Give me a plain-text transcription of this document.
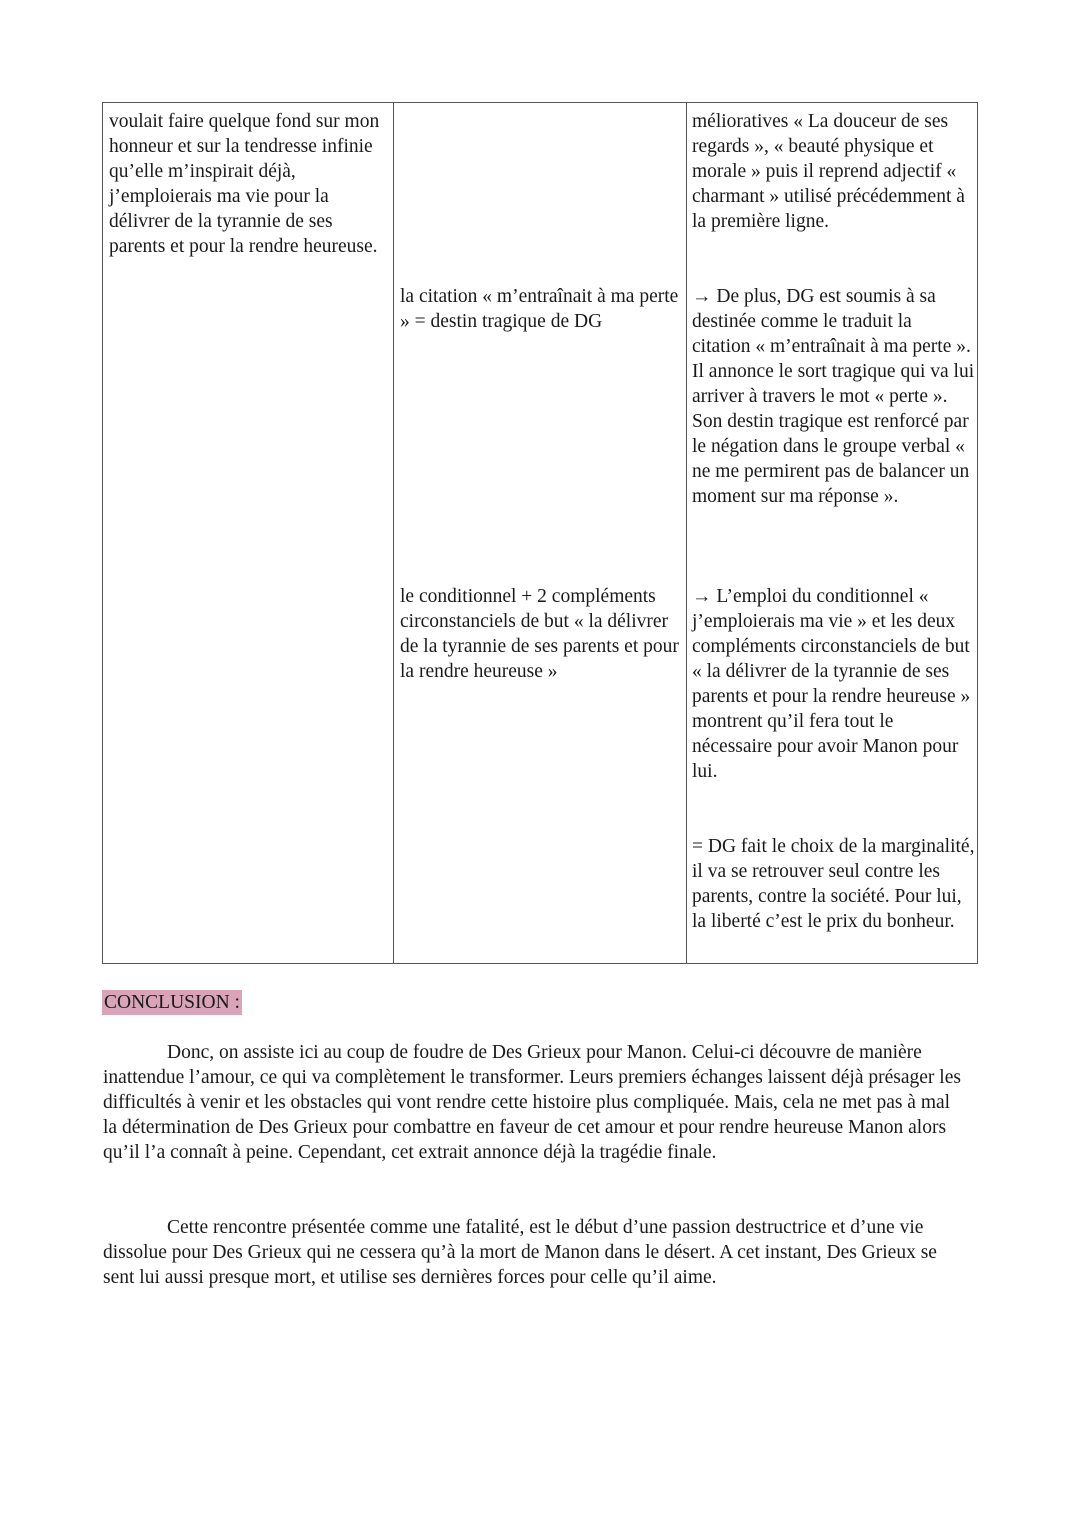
voulait faire quelque fond sur mon honneur et sur la tendresse infinie qu’elle m’inspirait déjà, j’emploierais ma vie pour la délivrer de la tyrannie de ses parents et pour la rendre heureuse.

la citation « m’entraînait à ma perte » = destin tragique de DG

le conditionnel + 2 compléments circonstanciels de but « la délivrer de la tyrannie de ses parents et pour la rendre heureuse »

mélioratives « La douceur de ses regards », « beauté physique et morale » puis il reprend adjectif « charmant » utilisé précédemment à la première ligne.

→ De plus, DG est soumis à sa destinée comme le traduit la citation « m’entraînait à ma perte ». Il annonce le sort tragique qui va lui arriver à travers le mot « perte ». Son destin tragique est renforcé par le négation dans le groupe verbal « ne me permirent pas de balancer un moment sur ma réponse ».

→ L’emploi du conditionnel « j’emploierais ma vie » et les deux compléments circonstanciels de but « la délivrer de la tyrannie de ses parents et pour la rendre heureuse » montrent qu’il fera tout le nécessaire pour avoir Manon pour lui.

= DG fait le choix de la marginalité, il va se retrouver seul contre les parents, contre la société. Pour lui, la liberté c’est le prix du bonheur.

CONCLUSION :

Donc, on assiste ici au coup de foudre de Des Grieux pour Manon. Celui-ci découvre de manière inattendue l’amour, ce qui va complètement le transformer. Leurs premiers échanges laissent déjà présager les difficultés à venir et les obstacles qui vont rendre cette histoire plus compliquée. Mais, cela ne met pas à mal la détermination de Des Grieux pour combattre en faveur de cet amour et pour rendre heureuse Manon alors qu’il l’a connaît à peine. Cependant, cet extrait annonce déjà la tragédie finale.

Cette rencontre présentée comme une fatalité, est le début d’une passion destructrice et d’une vie dissolue pour Des Grieux qui ne cessera qu’à la mort de Manon dans le désert. A cet instant, Des Grieux se sent lui aussi presque mort, et utilise ses dernières forces pour celle qu’il aime.
